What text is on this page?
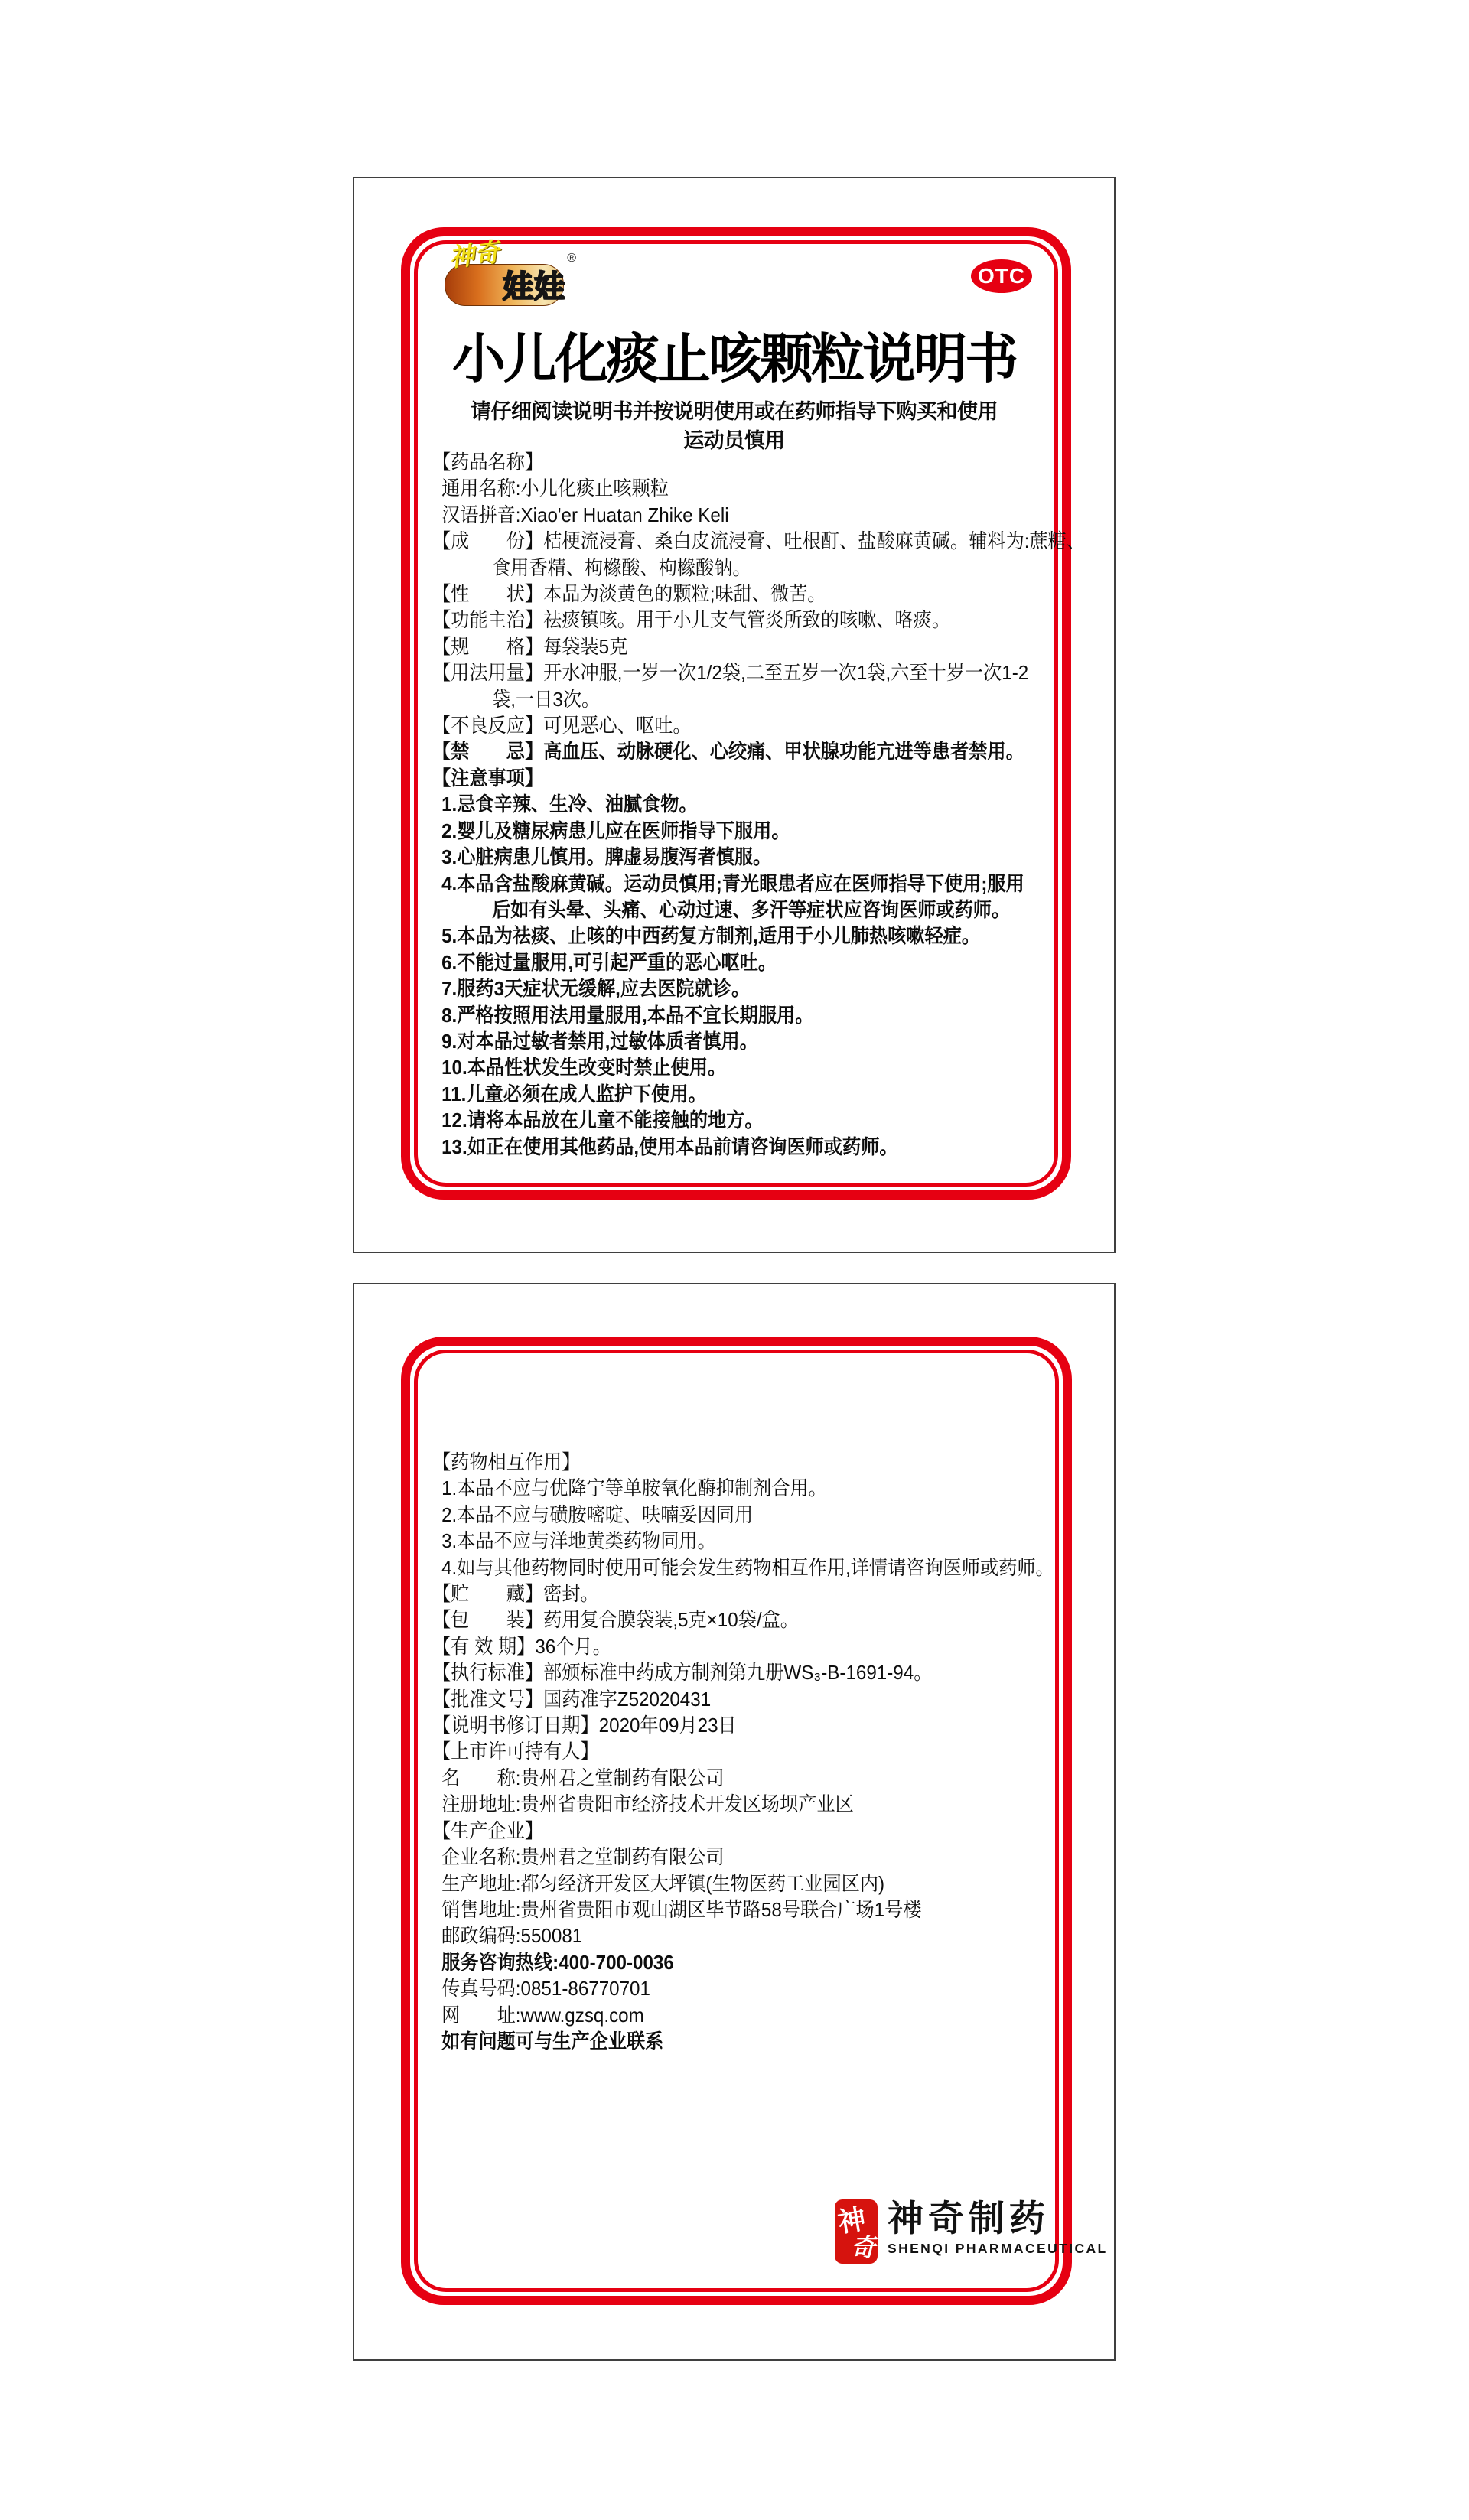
神奇
娃娃
®
OTC
小儿化痰止咳颗粒说明书
请仔细阅读说明书并按说明使用或在药师指导下购买和使用
运动员慎用
【药品名称】
通用名称:小儿化痰止咳颗粒
汉语拼音:Xiao'er Huatan Zhike Keli
【成　　份】桔梗流浸膏、桑白皮流浸膏、吐根酊、盐酸麻黄碱。辅料为:蔗糖、
食用香精、枸橼酸、枸橼酸钠。
【性　　状】本品为淡黄色的颗粒;味甜、微苦。
【功能主治】祛痰镇咳。用于小儿支气管炎所致的咳嗽、咯痰。
【规　　格】每袋装5克
【用法用量】开水冲服,一岁一次1/2袋,二至五岁一次1袋,六至十岁一次1-2
袋,一日3次。
【不良反应】可见恶心、呕吐。
【禁　　忌】高血压、动脉硬化、心绞痛、甲状腺功能亢进等患者禁用。
【注意事项】
1.忌食辛辣、生冷、油腻食物。
2.婴儿及糖尿病患儿应在医师指导下服用。
3.心脏病患儿慎用。脾虚易腹泻者慎服。
4.本品含盐酸麻黄碱。运动员慎用;青光眼患者应在医师指导下使用;服用
后如有头晕、头痛、心动过速、多汗等症状应咨询医师或药师。
5.本品为祛痰、止咳的中西药复方制剂,适用于小儿肺热咳嗽轻症。
6.不能过量服用,可引起严重的恶心呕吐。
7.服药3天症状无缓解,应去医院就诊。
8.严格按照用法用量服用,本品不宜长期服用。
9.对本品过敏者禁用,过敏体质者慎用。
10.本品性状发生改变时禁止使用。
11.儿童必须在成人监护下使用。
12.请将本品放在儿童不能接触的地方。
13.如正在使用其他药品,使用本品前请咨询医师或药师。
【药物相互作用】
1.本品不应与优降宁等单胺氧化酶抑制剂合用。
2.本品不应与磺胺嘧啶、呋喃妥因同用
3.本品不应与洋地黄类药物同用。
4.如与其他药物同时使用可能会发生药物相互作用,详情请咨询医师或药师。
【贮　　藏】密封。
【包　　装】药用复合膜袋装,5克×10袋/盒。
【有 效 期】36个月。
【执行标准】部颁标准中药成方制剂第九册WS₃-B-1691-94。
【批准文号】国药准字Z52020431
【说明书修订日期】2020年09月23日
【上市许可持有人】
名　　称:贵州君之堂制药有限公司
注册地址:贵州省贵阳市经济技术开发区场坝产业区
【生产企业】
企业名称:贵州君之堂制药有限公司
生产地址:都匀经济开发区大坪镇(生物医药工业园区内)
销售地址:贵州省贵阳市观山湖区毕节路58号联合广场1号楼
邮政编码:550081
服务咨询热线:400-700-0036
传真号码:0851-86770701
网　　址:www.gzsq.com
如有问题可与生产企业联系
神
奇
神奇制药
SHENQI PHARMACEUTICAL
